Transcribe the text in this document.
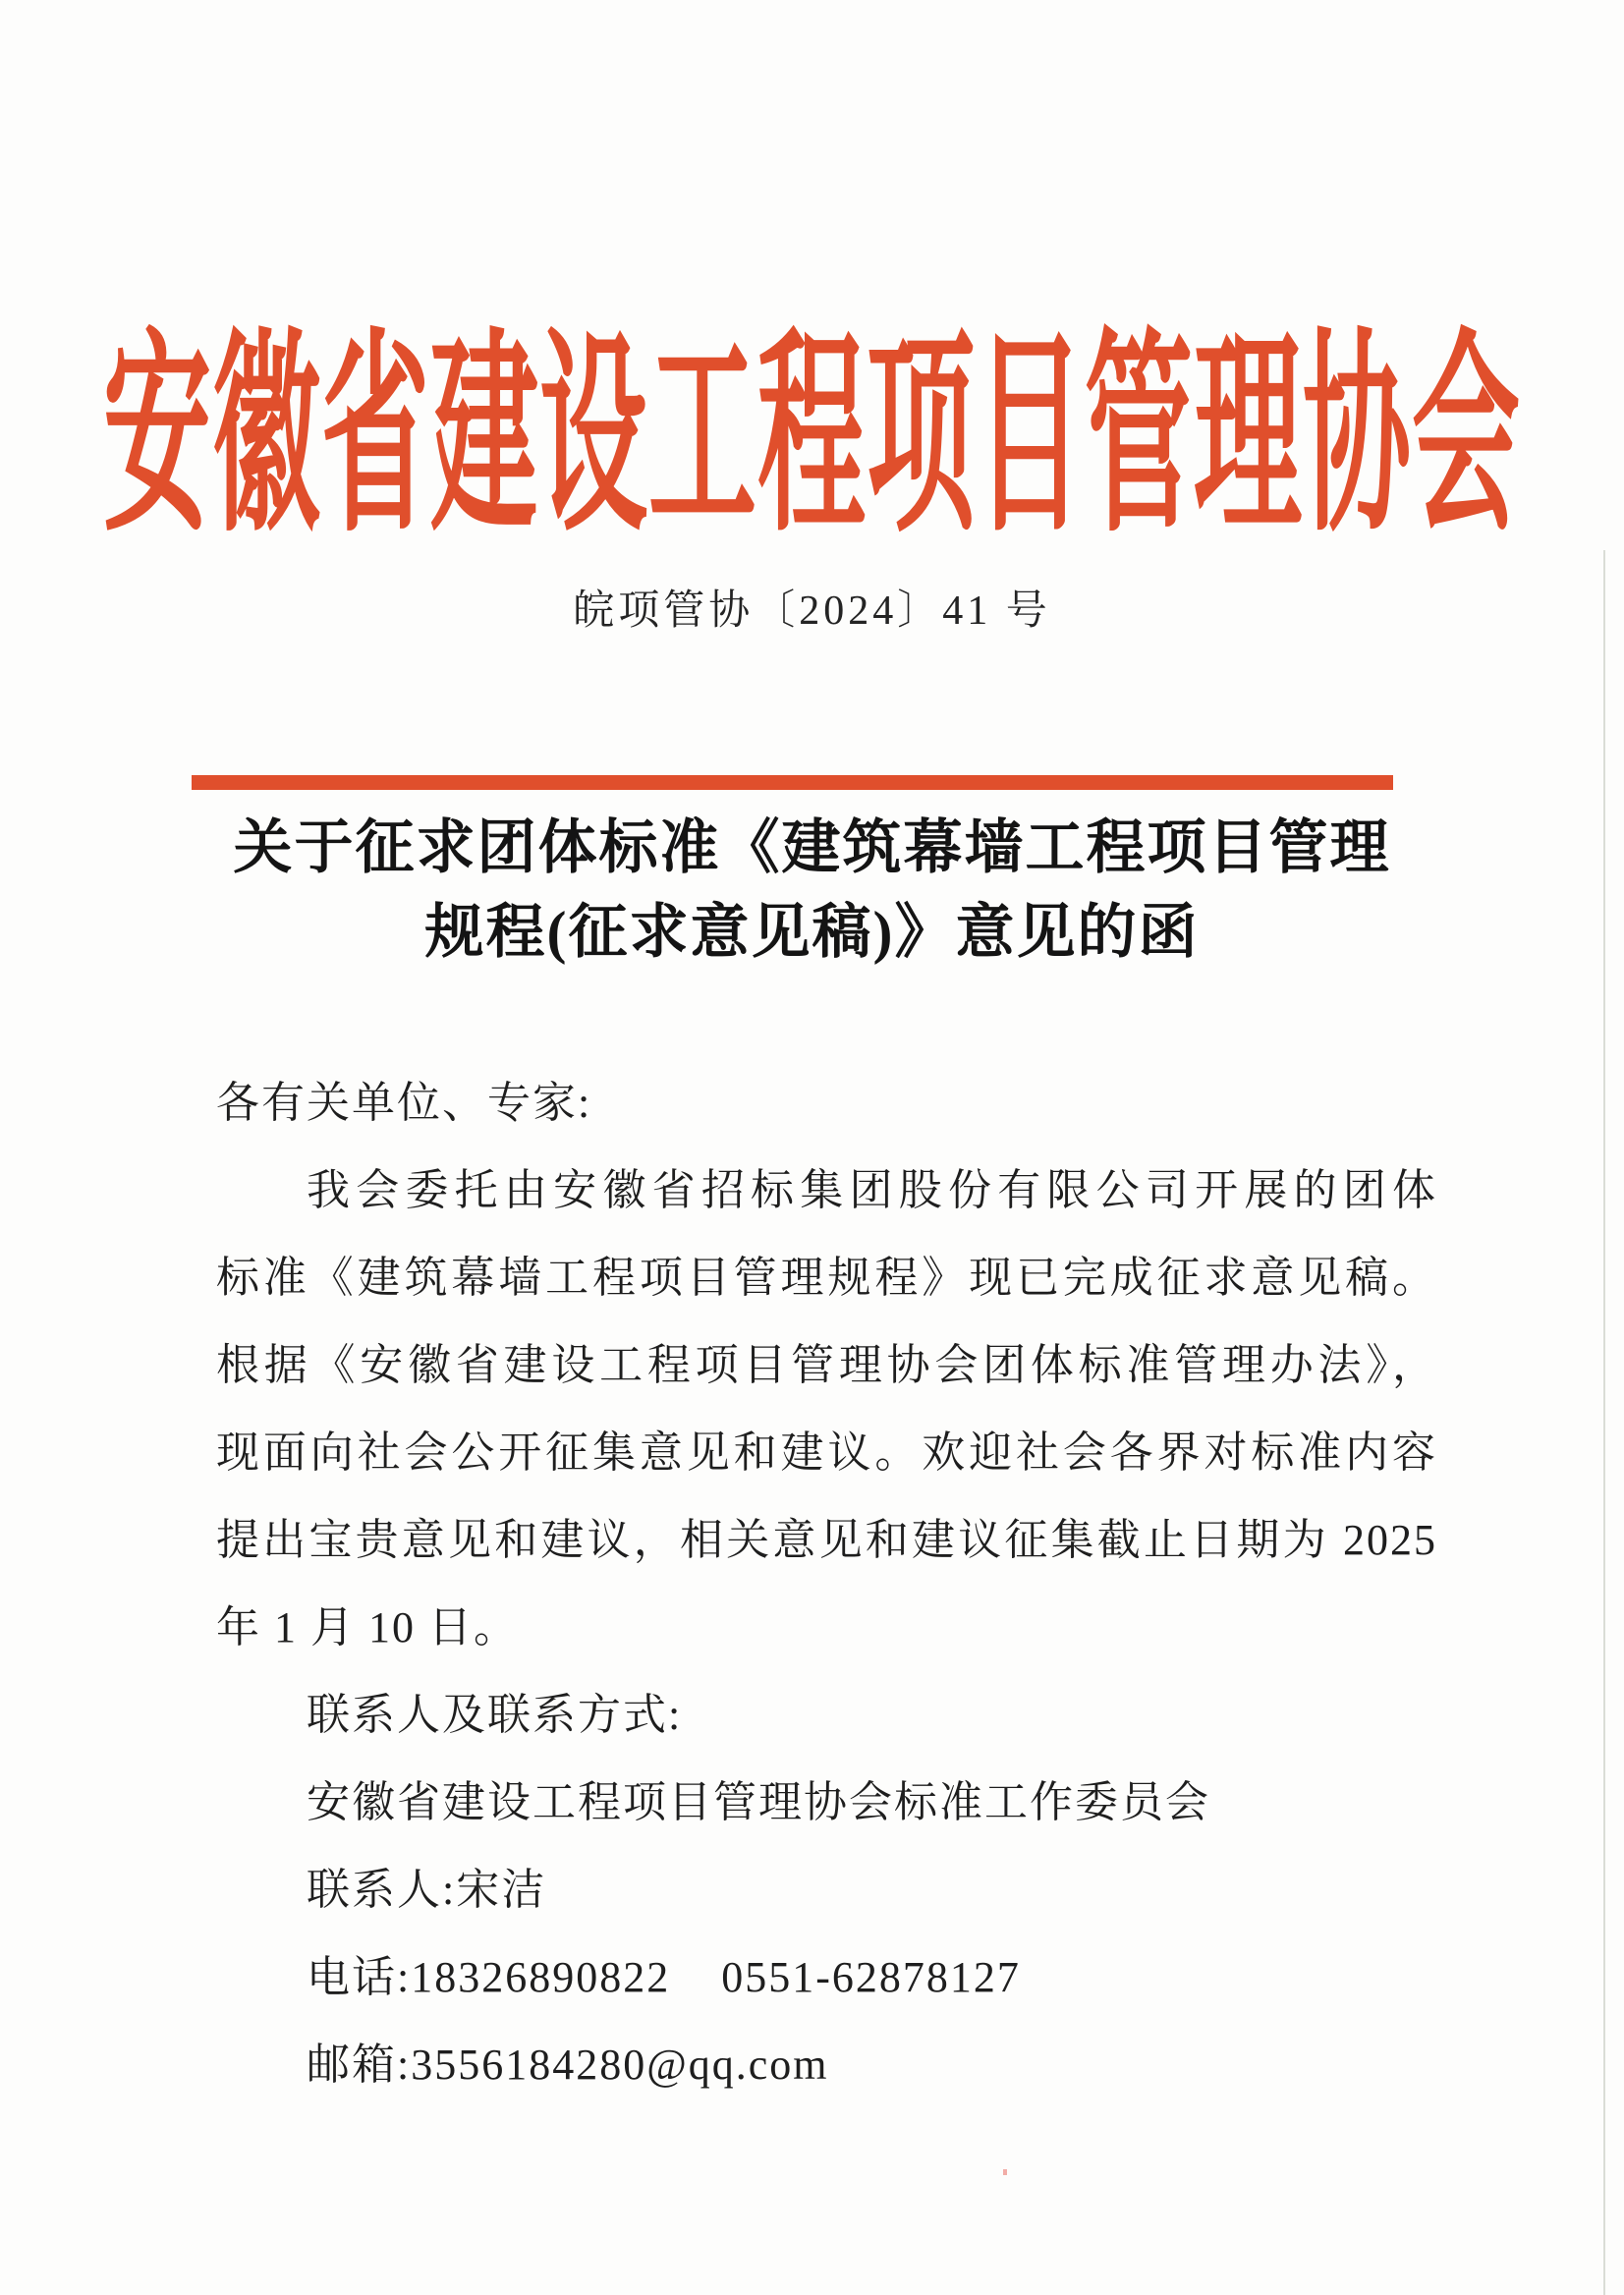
安徽省建设工程项目管理协会
皖项管协〔2024〕41 号
关于征求团体标准《建筑幕墙工程项目管理
规程(征求意见稿)》意见的函
各有关单位、专家:
我会委托由安徽省招标集团股份有限公司开展的团体
标准《建筑幕墙工程项目管理规程》现已完成征求意见稿。
根据《安徽省建设工程项目管理协会团体标准管理办法》，
现面向社会公开征集意见和建议。欢迎社会各界对标准内容
提出宝贵意见和建议，相关意见和建议征集截止日期为 2025
年 1 月 10 日。
联系人及联系方式:
安徽省建设工程项目管理协会标准工作委员会
联系人:宋洁
电话:18326890822    0551-62878127
邮箱:3556184280@qq.com
